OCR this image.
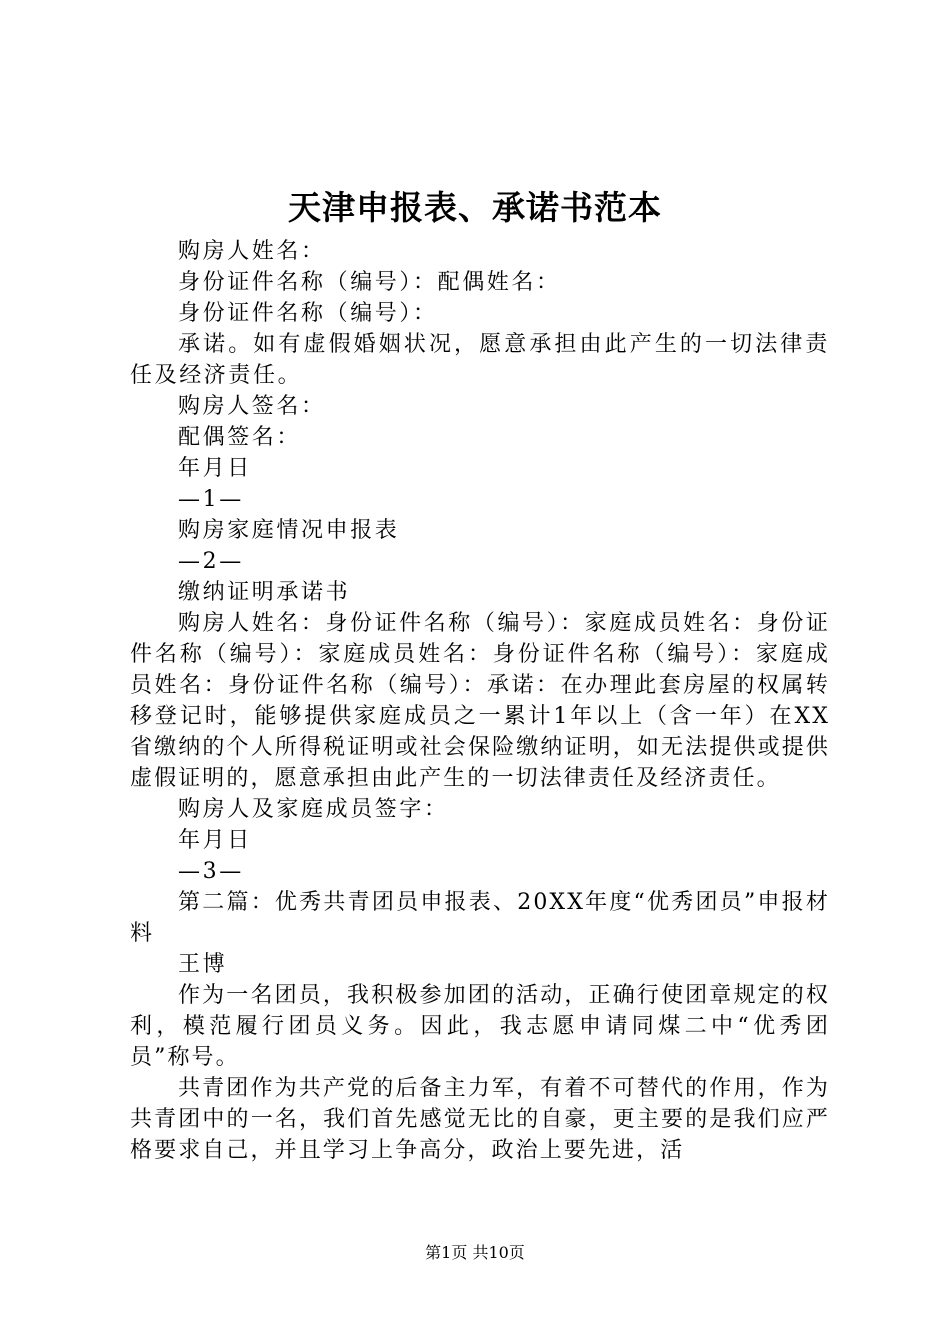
天津申报表、承诺书范本

购房人姓名：

身份证件名称（编号）：配偶姓名：

身份证件名称（编号）：

承诺。如有虚假婚姻状况，愿意承担由此产生的一切法律责任及经济责任。

购房人签名：

配偶签名：

年月日

—1—

购房家庭情况申报表

—2—

缴纳证明承诺书

购房人姓名：身份证件名称（编号）：家庭成员姓名：身份证件名称（编号）：家庭成员姓名：身份证件名称（编号）：家庭成员姓名：身份证件名称（编号）：承诺：在办理此套房屋的权属转移登记时，能够提供家庭成员之一累计1年以上（含一年）在XX省缴纳的个人所得税证明或社会保险缴纳证明，如无法提供或提供虚假证明的，愿意承担由此产生的一切法律责任及经济责任。

购房人及家庭成员签字：

年月日

—3—

第二篇：优秀共青团员申报表、20XX年度“优秀团员”申报材料

王博

作为一名团员，我积极参加团的活动，正确行使团章规定的权利，模范履行团员义务。因此，我志愿申请同煤二中“优秀团员”称号。

共青团作为共产党的后备主力军，有着不可替代的作用，作为共青团中的一名，我们首先感觉无比的自豪，更主要的是我们应严格要求自己，并且学习上争高分，政治上要先进，活

第1页 共10页
